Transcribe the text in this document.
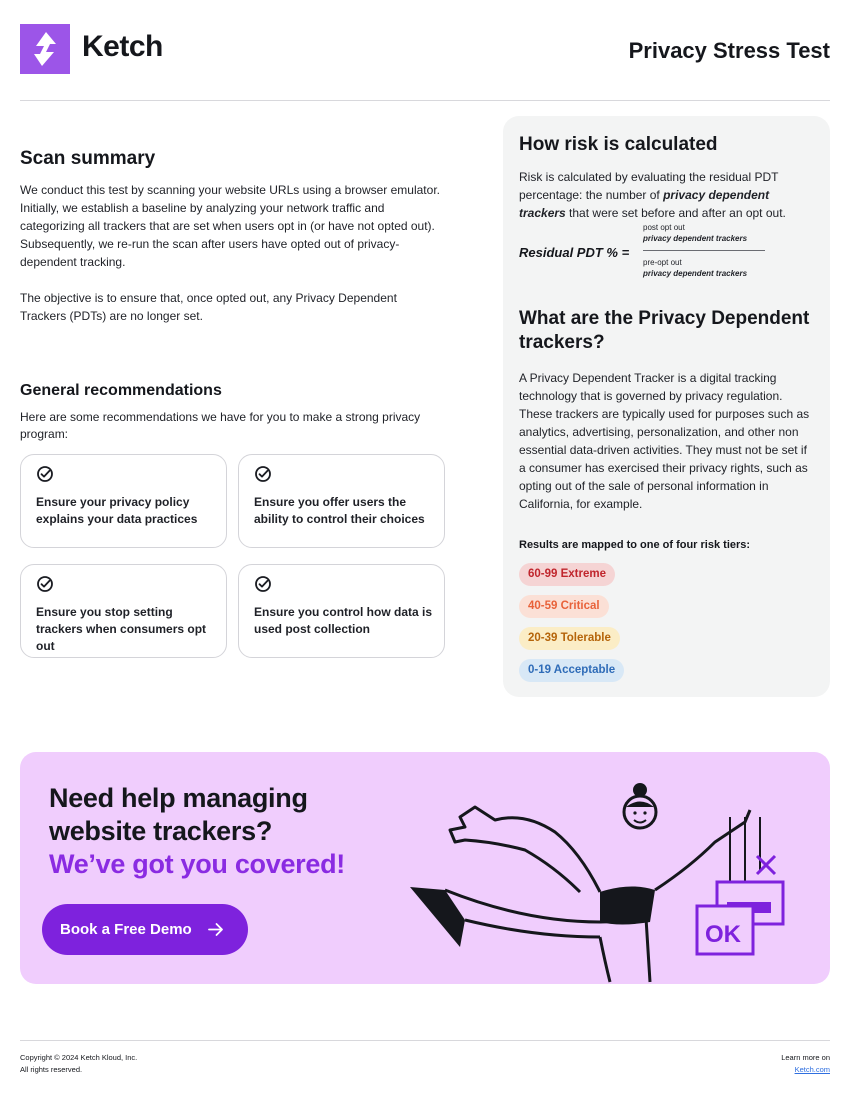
Ketch	Privacy Stress Test
Scan summary

We conduct this test by scanning your website URLs using a browser emulator. Initially, we establish a baseline by analyzing your network traffic and categorizing all trackers that are set when users opt in (or have not opted out). Subsequently, we re-run the scan after users have opted out of privacy-dependent tracking.

The objective is to ensure that, once opted out, any Privacy Dependent Trackers (PDTs) are no longer set.

General recommendations

Here are some recommendations we have for you to make a strong privacy program:

Ensure your privacy policy explains your data practices
Ensure you offer users the ability to control their choices
Ensure you stop setting trackers when consumers opt out
Ensure you control how data is used post collection
How risk is calculated

Risk is calculated by evaluating the residual PDT percentage: the number of privacy dependent trackers that were set before and after an opt out.

Residual PDT % =
post opt out
privacy dependent trackers
pre-opt out
privacy dependent trackers
What are the Privacy Dependent trackers?

A Privacy Dependent Tracker is a digital tracking technology that is governed by privacy regulation. These trackers are typically used for purposes such as analytics, advertising, personalization, and other non essential data-driven activities. They must not be set if a consumer has exercised their privacy rights, such as opting out of the sale of personal information in California, for example.

Results are mapped to one of four risk tiers:
60-99 Extreme
40-59 Critical
20-39 Tolerable
0-19 Acceptable
Need help managing
website trackers?
We’ve got you covered!
Book a Free Demo	OK
Copyright © 2024 Ketch Kloud, Inc.
All rights reserved.
Learn more on
Ketch.com
